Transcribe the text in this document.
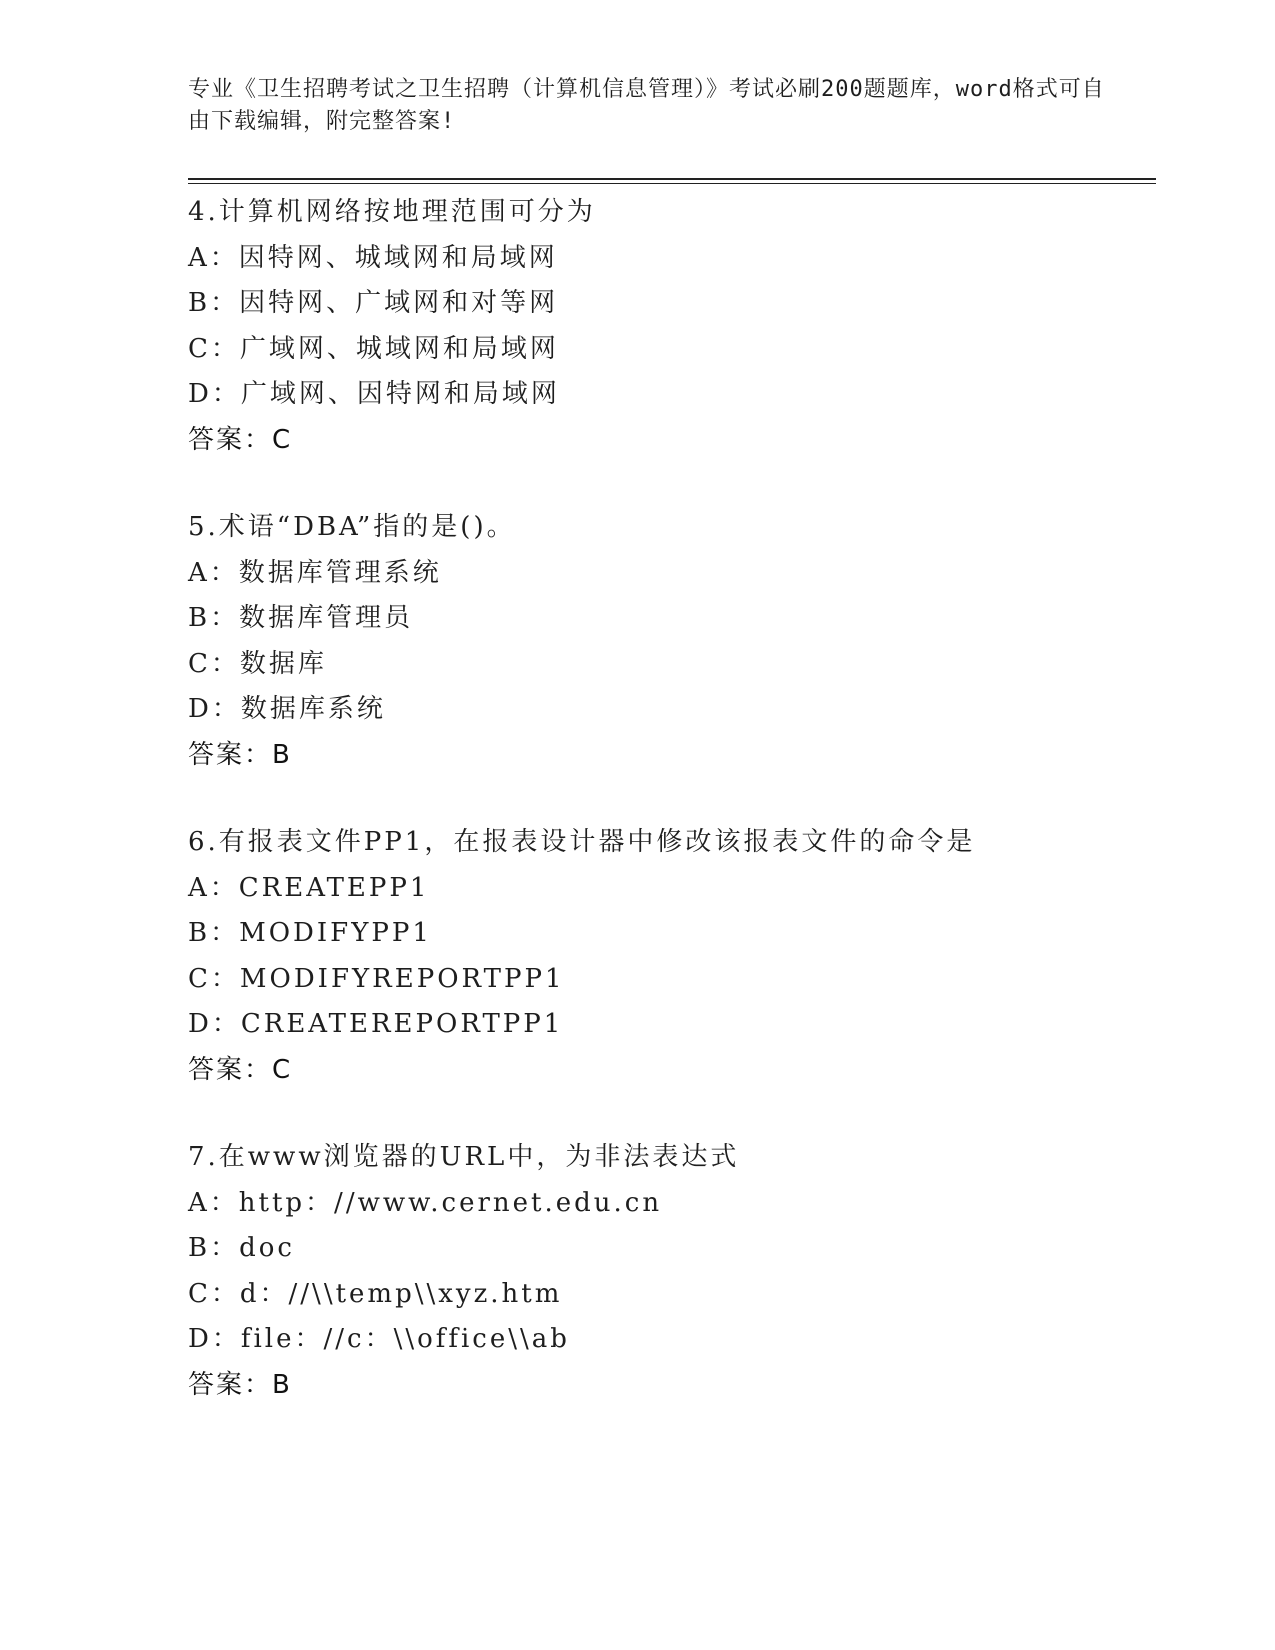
专业《卫生招聘考试之卫生招聘（计算机信息管理）》考试必刷200题题库，word格式可自由下载编辑，附完整答案!
4.计算机网络按地理范围可分为
A：因特网、城域网和局域网
B：因特网、广域网和对等网
C：广域网、城域网和局域网
D：广域网、因特网和局域网
答案：C
5.术语“DBA”指的是()。
A：数据库管理系统
B：数据库管理员
C：数据库
D：数据库系统
答案：B
6.有报表文件PP1，在报表设计器中修改该报表文件的命令是
A：CREATEPP1
B：MODIFYPP1
C：MODIFYREPORTPP1
D：CREATEREPORTPP1
答案：C
7.在www浏览器的URL中，为非法表达式
A：http：//www.cernet.edu.cn
B：doc
C：d：//\\temp\\xyz.htm
D：file：//c：\\office\\ab
答案：B
